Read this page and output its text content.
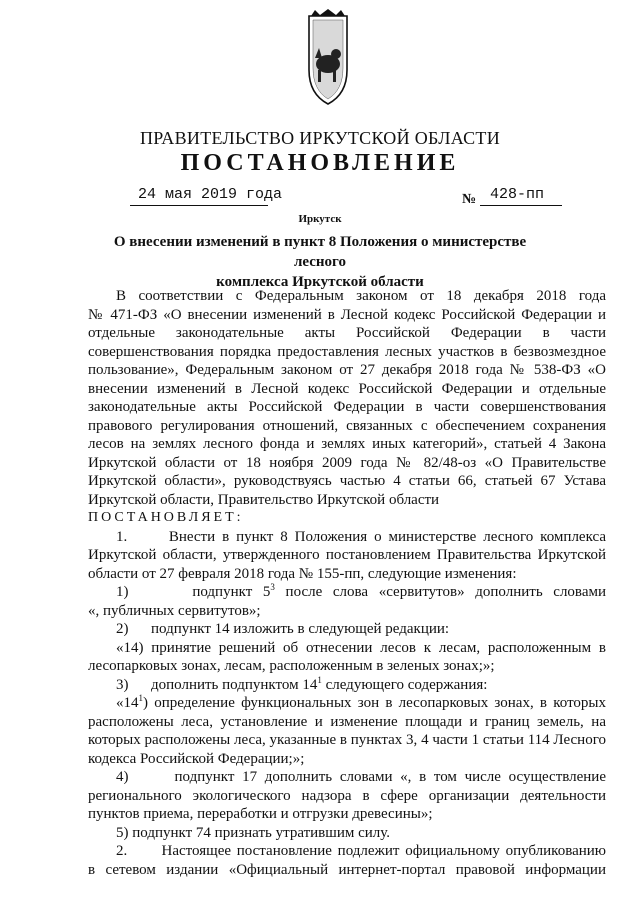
ПРАВИТЕЛЬСТВО ИРКУТСКОЙ ОБЛАСТИ
ПОСТАНОВЛЕНИЕ
24 мая 2019 года	№ 428-пп
Иркутск
О внесении изменений в пункт 8 Положения о министерстве лесного
комплекса Иркутской области

В соответствии с Федеральным законом от 18 декабря 2018 года

№ 471-ФЗ «О внесении изменений в Лесной кодекс Российской Федерации и

отдельные законодательные акты Российской Федерации в части

совершенствования порядка предоставления лесных участков в безвозмездное

пользование», Федеральным законом от 27 декабря 2018 года № 538-ФЗ «О

внесении изменений в Лесной кодекс Российской Федерации и отдельные

законодательные акты Российской Федерации в части совершенствования

правового регулирования отношений, связанных с обеспечением сохранения

лесов на землях лесного фонда и землях иных категорий», статьей 4 Закона

Иркутской области от 18 ноября 2009 года № 82/48-оз «О Правительстве

Иркутской области», руководствуясь частью 4 статьи 66, статьей 67 Устава

Иркутской области, Правительство Иркутской области

ПОСТАНОВЛЯЕТ:

1.      Внести в пункт 8 Положения о министерстве лесного комплекса

Иркутской области, утвержденного постановлением Правительства Иркутской

области от 27 февраля 2018 года № 155-пп, следующие изменения:

1)      подпункт $5^3$ после слова «сервитутов» дополнить словами

«, публичных сервитутов»;

2)      подпункт 14 изложить в следующей редакции:

«14) принятие решений об отнесении лесов к лесам, расположенным в

лесопарковых зонах, лесам, расположенным в зеленых зонах;»;

3)      дополнить подпунктом $14^1$ следующего содержания:

«$14^1$) определение функциональных зон в лесопарковых зонах, в которых

расположены леса, установление и изменение площади и границ земель, на

которых расположены леса, указанные в пунктах 3, 4 части 1 статьи 114 Лесного

кодекса Российской Федерации;»;

4)      подпункт 17 дополнить словами «, в том числе осуществление

регионального экологического надзора в сфере организации деятельности

пунктов приема, переработки и отгрузки древесины»;

5) подпункт 74 признать утратившим силу.

2.      Настоящее постановление подлежит официальному опубликованию

в сетевом издании «Официальный интернет-портал правовой информации
